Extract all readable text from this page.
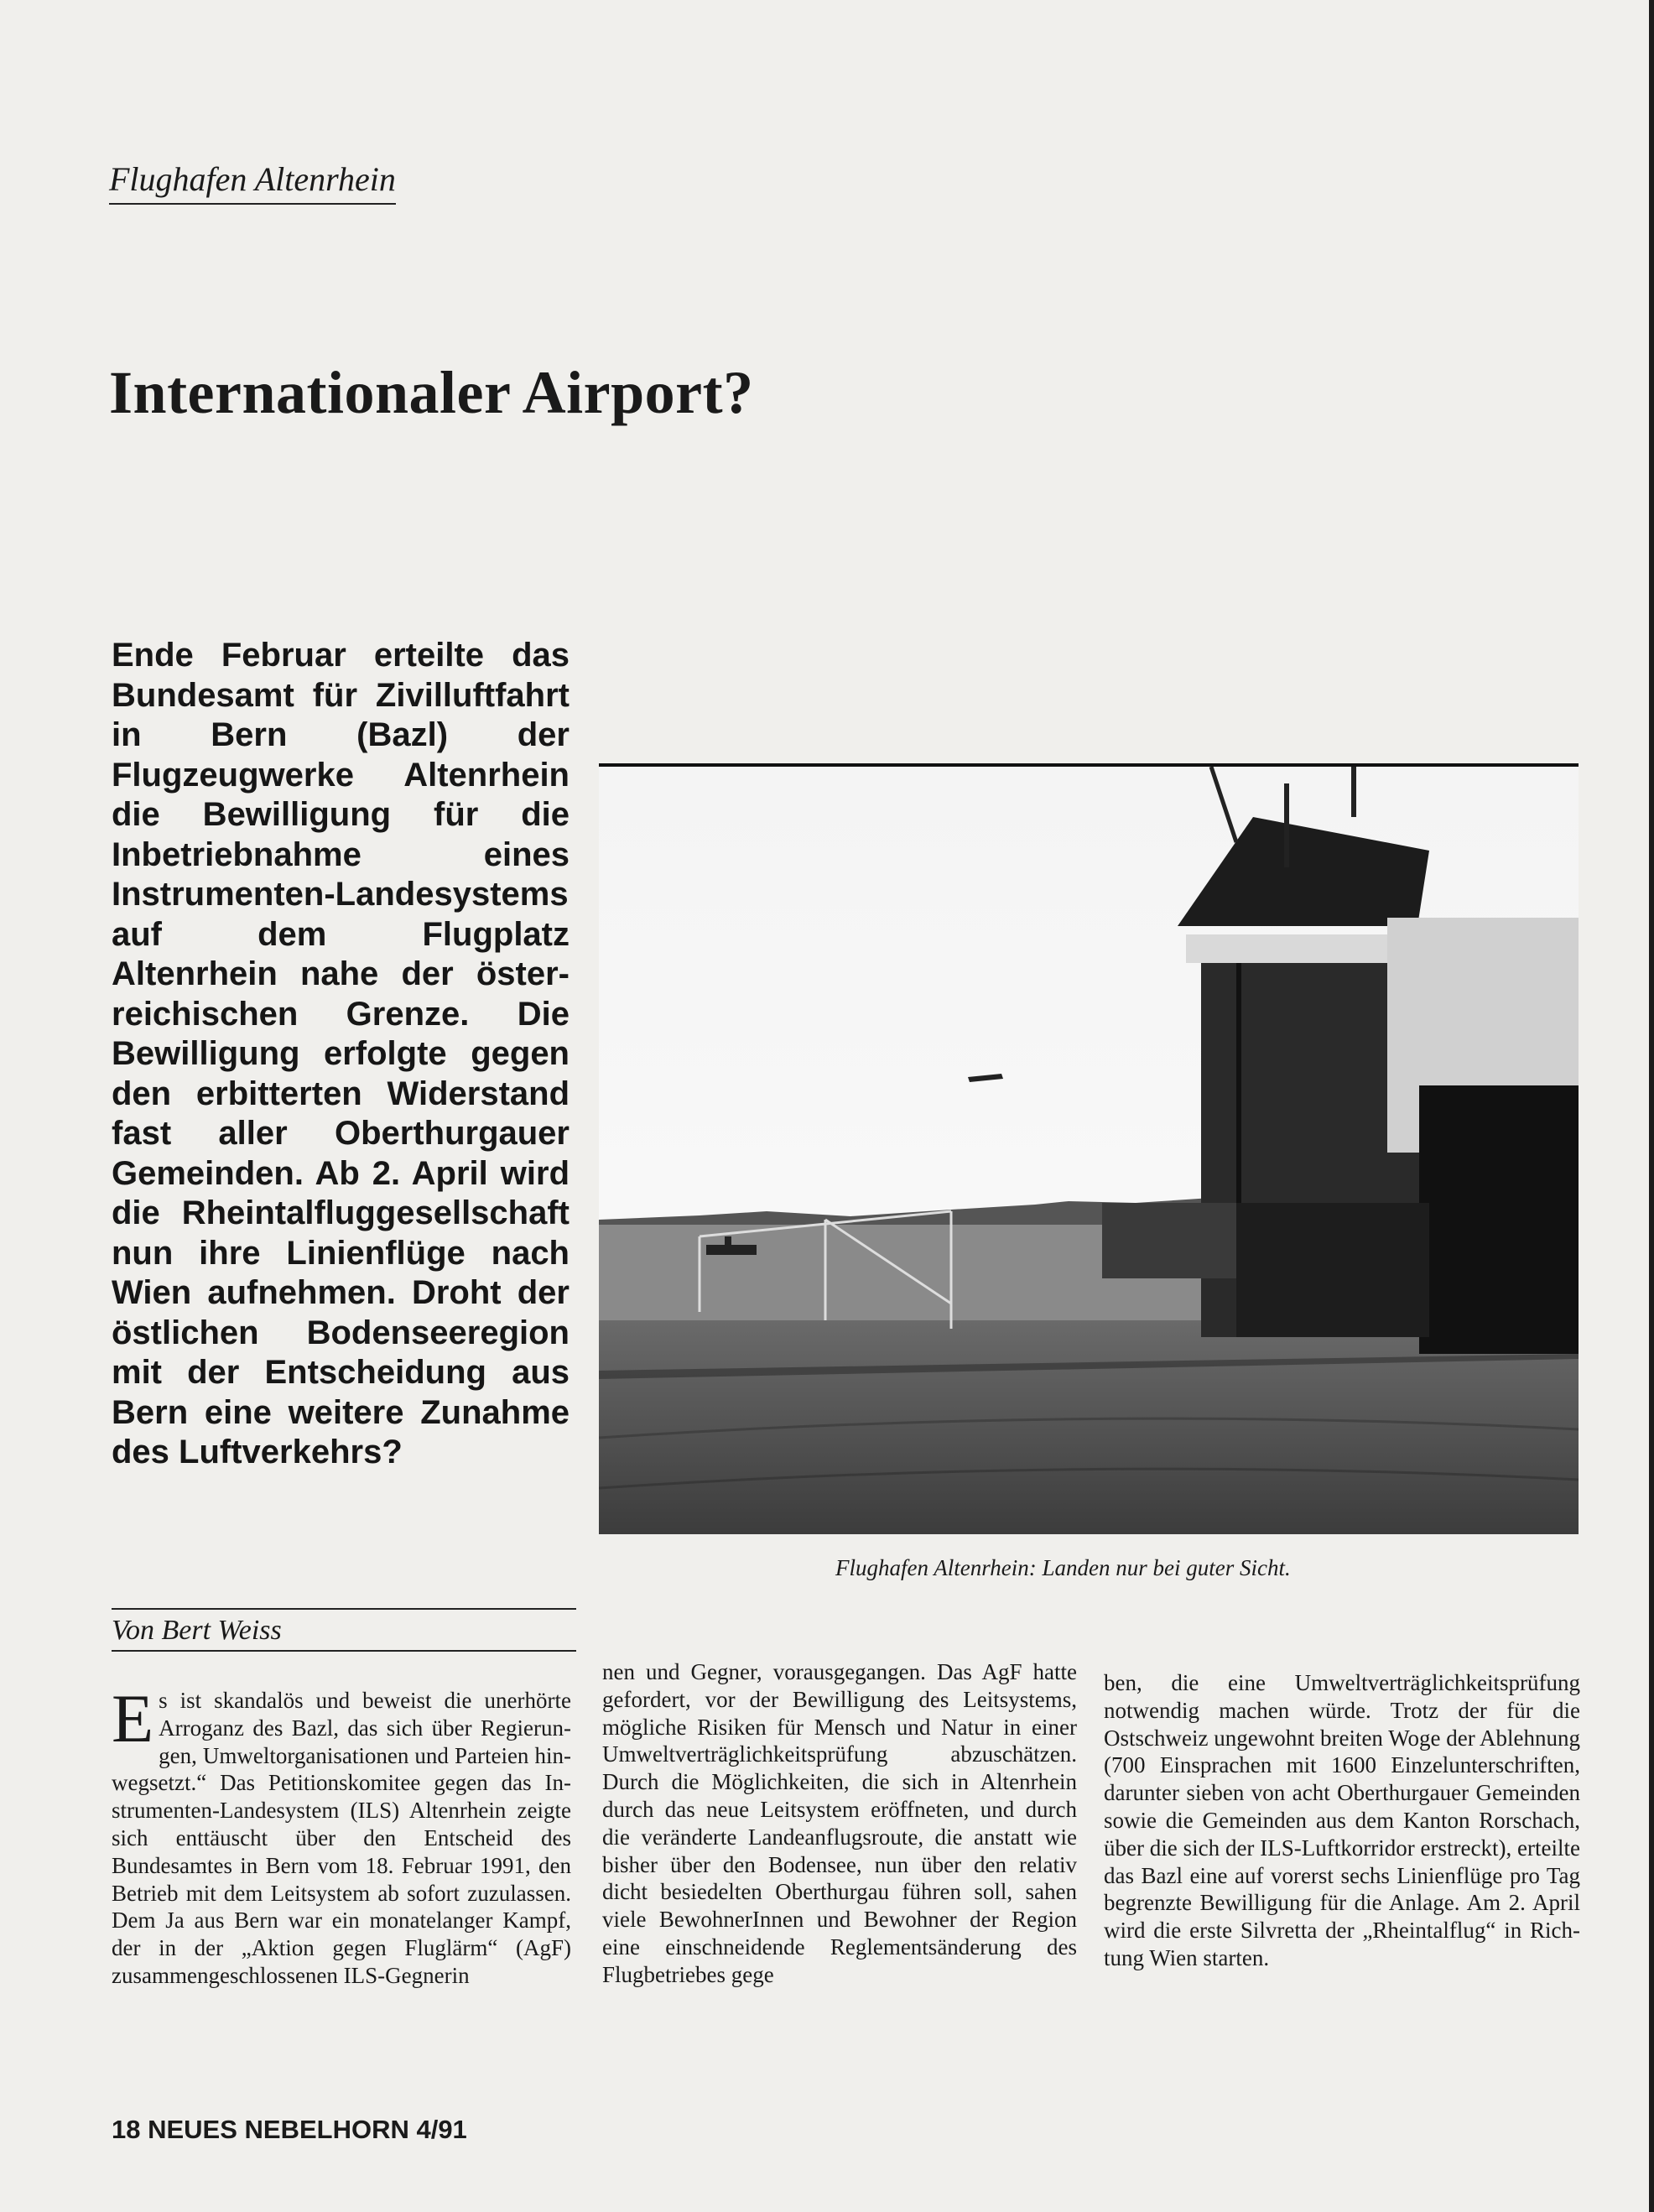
Flughafen Altenrhein
Internationaler Airport?
Ende Februar erteilte das Bundesamt für Zivilluftfahrt in Bern (Bazl) der Flugzeugwerke Altenrhein die Bewilligung für die Inbetriebnahme eines Instrumenten-Landesystems auf dem Flugplatz Altenrhein nahe der österreichischen Grenze. Die Bewilligung erfolgte gegen den erbitterten Widerstand fast aller Oberthurgauer Gemeinden. Ab 2. April wird die Rheintalfluggesellschaft nun ihre Linienflüge nach Wien aufnehmen. Droht der östlichen Bodenseeregion mit der Entscheidung aus Bern eine weitere Zunahme des Luftverkehrs?
Flughafen Altenrhein: Landen nur bei guter Sicht.
Von Bert Weiss
Es ist skandalös und beweist die unerhörte Arroganz des Bazl, das sich über Regierungen, Umweltorganisationen und Parteien hinwegsetzt.“ Das Petitionskomitee gegen das Instrumenten-Landesystem (ILS) Altenrhein zeigte sich enttäuscht über den Entscheid des Bundesamtes in Bern vom 18. Februar 1991, den Betrieb mit dem Leitsystem ab sofort zuzulassen. Dem Ja aus Bern war ein monatelanger Kampf, der in der „Aktion gegen Fluglärm“ (AgF) zusammengeschlossenen ILS-Gegnerin
nen und Gegner, vorausgegangen. Das AgF hatte gefordert, vor der Bewilligung des Leitsystems, mögliche Risiken für Mensch und Natur in einer Umweltverträglichkeitsprüfung abzuschätzen. Durch die Möglichkeiten, die sich in Altenrhein durch das neue Leitsystem eröffneten, und durch die veränderte Landeanflugsroute, die anstatt wie bisher über den Bodensee, nun über den relativ dicht besiedelten Oberthurgau führen soll, sahen viele BewohnerInnen und Bewohner der Region eine einschneidende Reglementsänderung des Flugbetriebes gege
ben, die eine Umweltverträglichkeitsprüfung notwendig machen würde. Trotz der für die Ostschweiz ungewohnt breiten Woge der Ablehnung (700 Einsprachen mit 1600 Einzelunterschriften, darunter sieben von acht Oberthurgauer Gemeinden sowie die Gemeinden aus dem Kanton Rorschach, über die sich der ILS-Luftkorridor erstreckt), erteilte das Bazl eine auf vorerst sechs Linienflüge pro Tag begrenzte Bewilligung für die Anlage. Am 2. April wird die erste Silvretta der „Rheintalflug“ in Richtung Wien starten.
18 NEUES NEBELHORN 4/91
